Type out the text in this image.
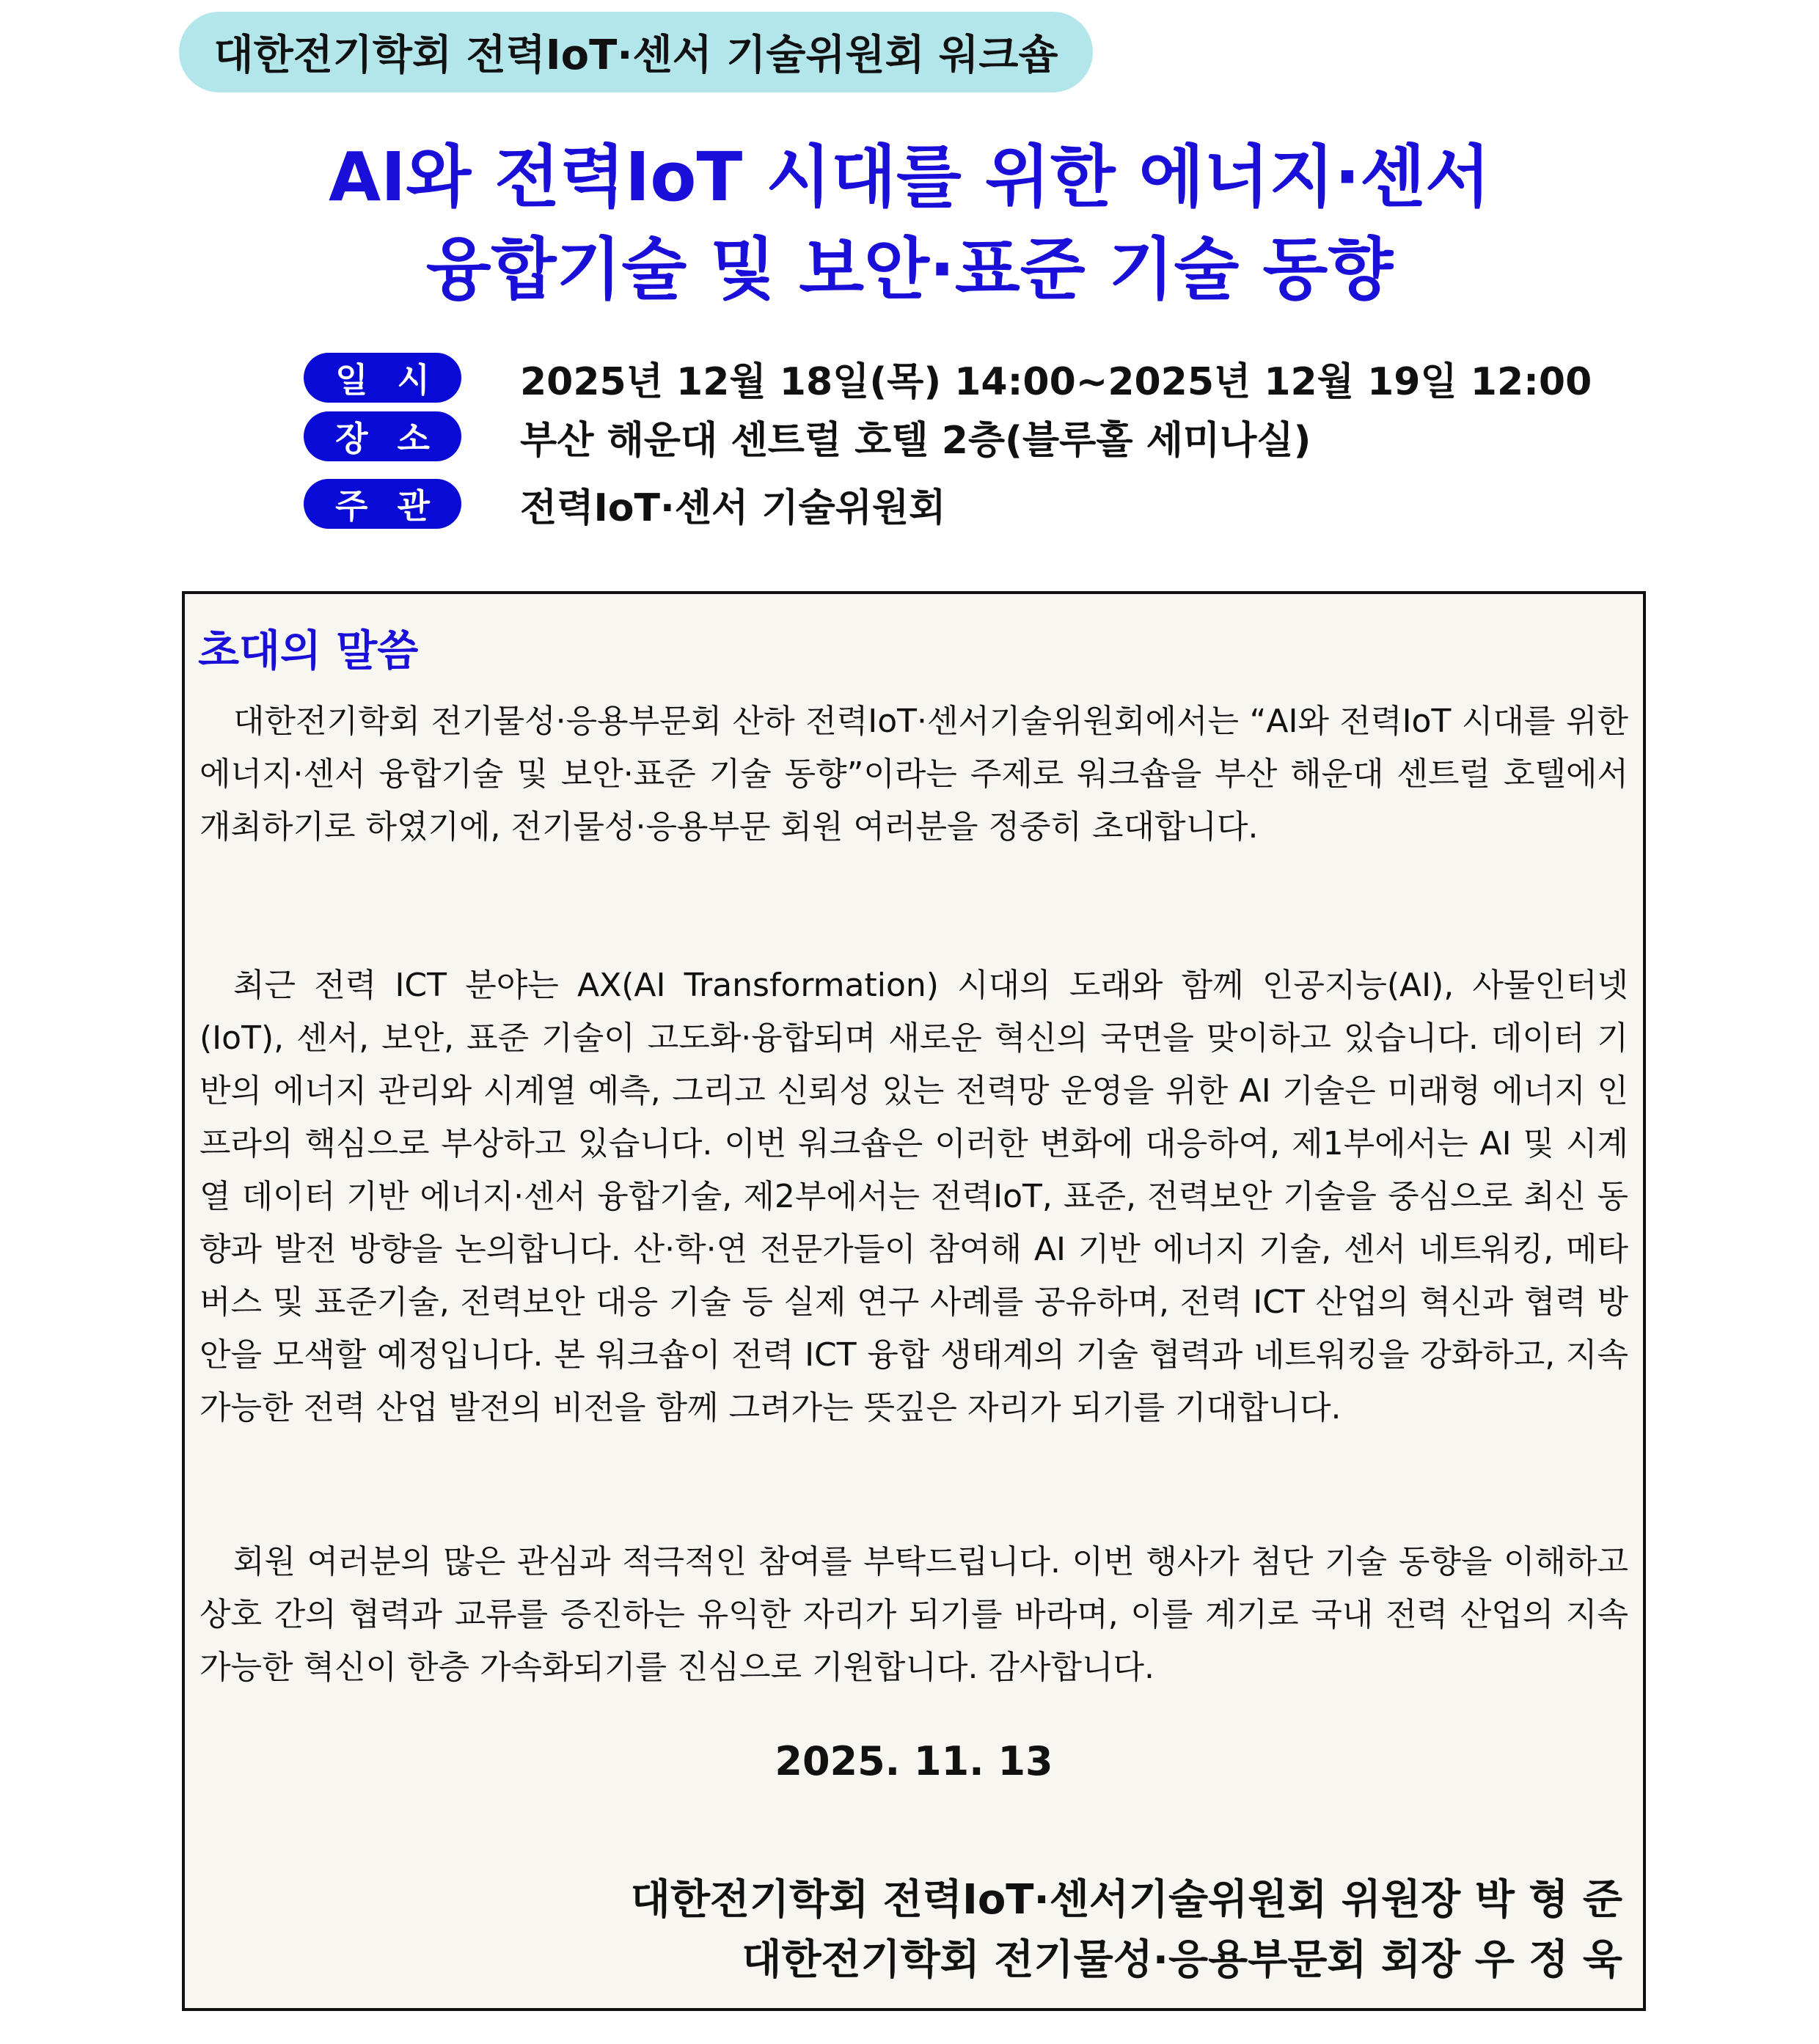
대한전기학회 전력IoT·센서 기술위원회 워크숍
AI와 전력IoT 시대를 위한 에너지·센서
융합기술 및 보안·표준 기술 동향
일시 2025년 12월 18일(목) 14:00~2025년 12월 19일 12:00
장소 부산 해운대 센트럴 호텔 2층(블루홀 세미나실)
주관 전력IoT·센서 기술위원회
초대의 말씀

대한전기학회 전기물성·응용부문회 산하 전력IoT·센서기술위원회에서는 “AI와 전력IoT 시대를 위한 에너지·센서 융합기술 및 보안·표준 기술 동향”이라는 주제로 워크숍을 부산 해운대 센트럴 호텔에서 개최하기로 하였기에, 전기물성·응용부문 회원 여러분을 정중히 초대합니다.

최근 전력 ICT 분야는 AX(AI Transformation) 시대의 도래와 함께 인공지능(AI), 사물인터넷(IoT), 센서, 보안, 표준 기술이 고도화·융합되며 새로운 혁신의 국면을 맞이하고 있습니다. 데이터 기반의 에너지 관리와 시계열 예측, 그리고 신뢰성 있는 전력망 운영을 위한 AI 기술은 미래형 에너지 인프라의 핵심으로 부상하고 있습니다. 이번 워크숍은 이러한 변화에 대응하여, 제1부에서는 AI 및 시계열 데이터 기반 에너지·센서 융합기술, 제2부에서는 전력IoT, 표준, 전력보안 기술을 중심으로 최신 동향과 발전 방향을 논의합니다. 산·학·연 전문가들이 참여해 AI 기반 에너지 기술, 센서 네트워킹, 메타버스 및 표준기술, 전력보안 대응 기술 등 실제 연구 사례를 공유하며, 전력 ICT 산업의 혁신과 협력 방안을 모색할 예정입니다. 본 워크숍이 전력 ICT 융합 생태계의 기술 협력과 네트워킹을 강화하고, 지속 가능한 전력 산업 발전의 비전을 함께 그려가는 뜻깊은 자리가 되기를 기대합니다.

회원 여러분의 많은 관심과 적극적인 참여를 부탁드립니다. 이번 행사가 첨단 기술 동향을 이해하고 상호 간의 협력과 교류를 증진하는 유익한 자리가 되기를 바라며, 이를 계기로 국내 전력 산업의 지속 가능한 혁신이 한층 가속화되기를 진심으로 기원합니다. 감사합니다.

2025. 11. 13
대한전기학회 전력IoT·센서기술위원회 위원장 박 형 준
대한전기학회 전기물성·응용부문회 회장 우 정 욱
